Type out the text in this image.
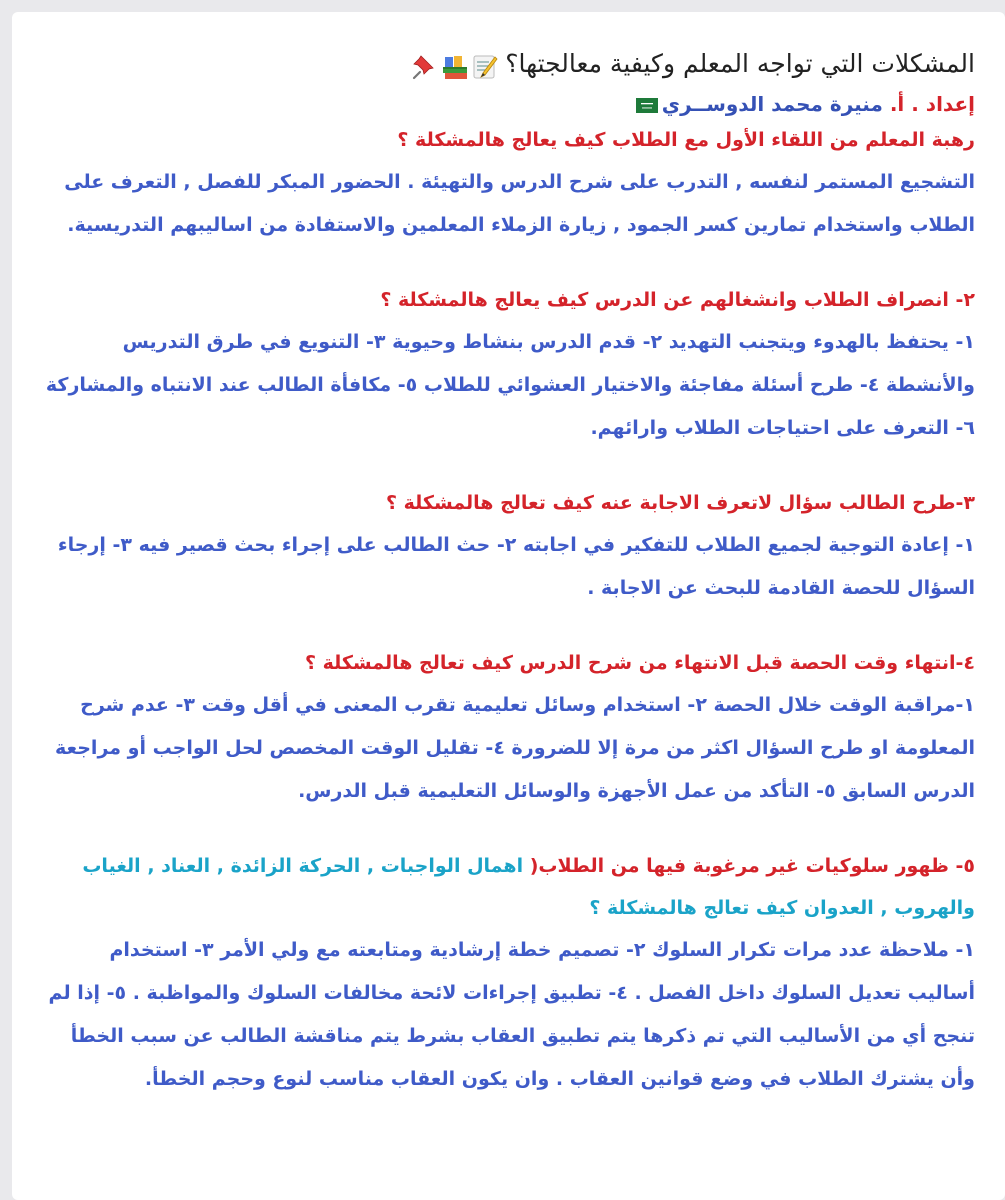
المشكلات التي تواجه المعلم وكيفية معالجتها؟

إعداد . أ. منيرة محمد الدوســري

رهبة المعلم من اللقاء الأول مع الطلاب كيف يعالج هالمشكلة ؟

التشجيع المستمر لنفسه , التدرب على شرح الدرس والتهيئة . الحضور المبكر للفصل , التعرف على الطلاب واستخدام تمارين كسر الجمود , زيارة الزملاء المعلمين والاستفادة من اساليبهم التدريسية.

٢- انصراف الطلاب وانشغالهم عن الدرس كيف يعالج هالمشكلة ؟

١- يحتفظ بالهدوء ويتجنب التهديد ٢- قدم الدرس بنشاط وحيوية ٣- التنويع في طرق التدريس والأنشطة ٤- طرح أسئلة مفاجئة والاختيار العشوائي للطلاب ٥- مكافأة الطالب عند الانتباه والمشاركة ٦- التعرف على احتياجات الطلاب وارائهم.

٣-طرح الطالب سؤال لاتعرف الاجابة عنه كيف تعالج هالمشكلة ؟

١- إعادة التوجية لجميع الطلاب للتفكير في اجابته ٢- حث الطالب على إجراء بحث قصير فيه ٣- إرجاء السؤال للحصة القادمة للبحث عن الاجابة .

٤-انتهاء وقت الحصة قبل الانتهاء من شرح الدرس كيف تعالج هالمشكلة ؟

١-مراقبة الوقت خلال الحصة ٢- استخدام وسائل تعليمية تقرب المعنى في أقل وقت ٣- عدم شرح المعلومة او طرح السؤال اكثر من مرة إلا للضرورة ٤- تقليل الوقت المخصص لحل الواجب أو مراجعة الدرس السابق ٥- التأكد من عمل الأجهزة والوسائل التعليمية قبل الدرس.

٥- ظهور سلوكيات غير مرغوبة فيها من الطلاب( اهمال الواجبات , الحركة الزائدة , العناد , الغياب والهروب , العدوان كيف تعالج هالمشكلة ؟

١- ملاحظة عدد مرات تكرار السلوك ٢- تصميم خطة إرشادية ومتابعته مع ولي الأمر ٣- استخدام أساليب تعديل السلوك داخل الفصل . ٤- تطبيق إجراءات لائحة مخالفات السلوك والمواظبة . ٥- إذا لم تنجح أي من الأساليب التي تم ذكرها يتم تطبيق العقاب بشرط يتم مناقشة الطالب عن سبب الخطأ وأن يشترك الطلاب في وضع قوانين العقاب . وان يكون العقاب مناسب لنوع وحجم الخطأ.
